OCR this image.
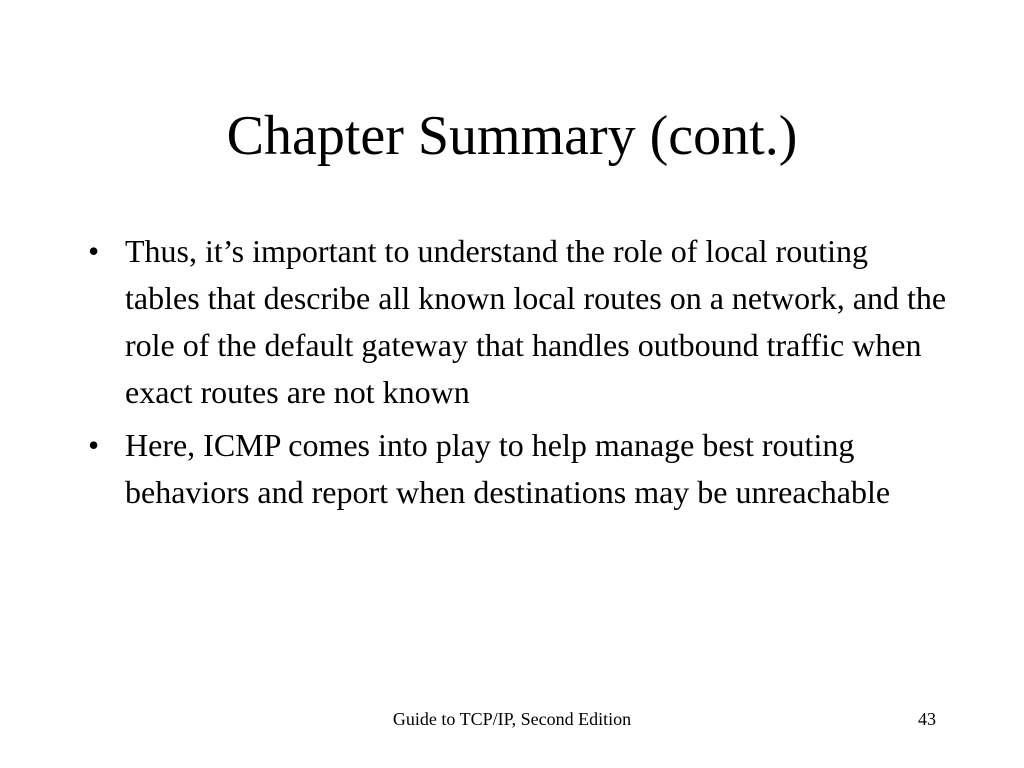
Chapter Summary (cont.)
• Thus, it’s important to understand the role of local routing tables that describe all known local routes on a network, and the role of the default gateway that handles outbound traffic when exact routes are not known
• Here, ICMP comes into play to help manage best routing behaviors and report when destinations may be unreachable
Guide to TCP/IP, Second Edition	43
